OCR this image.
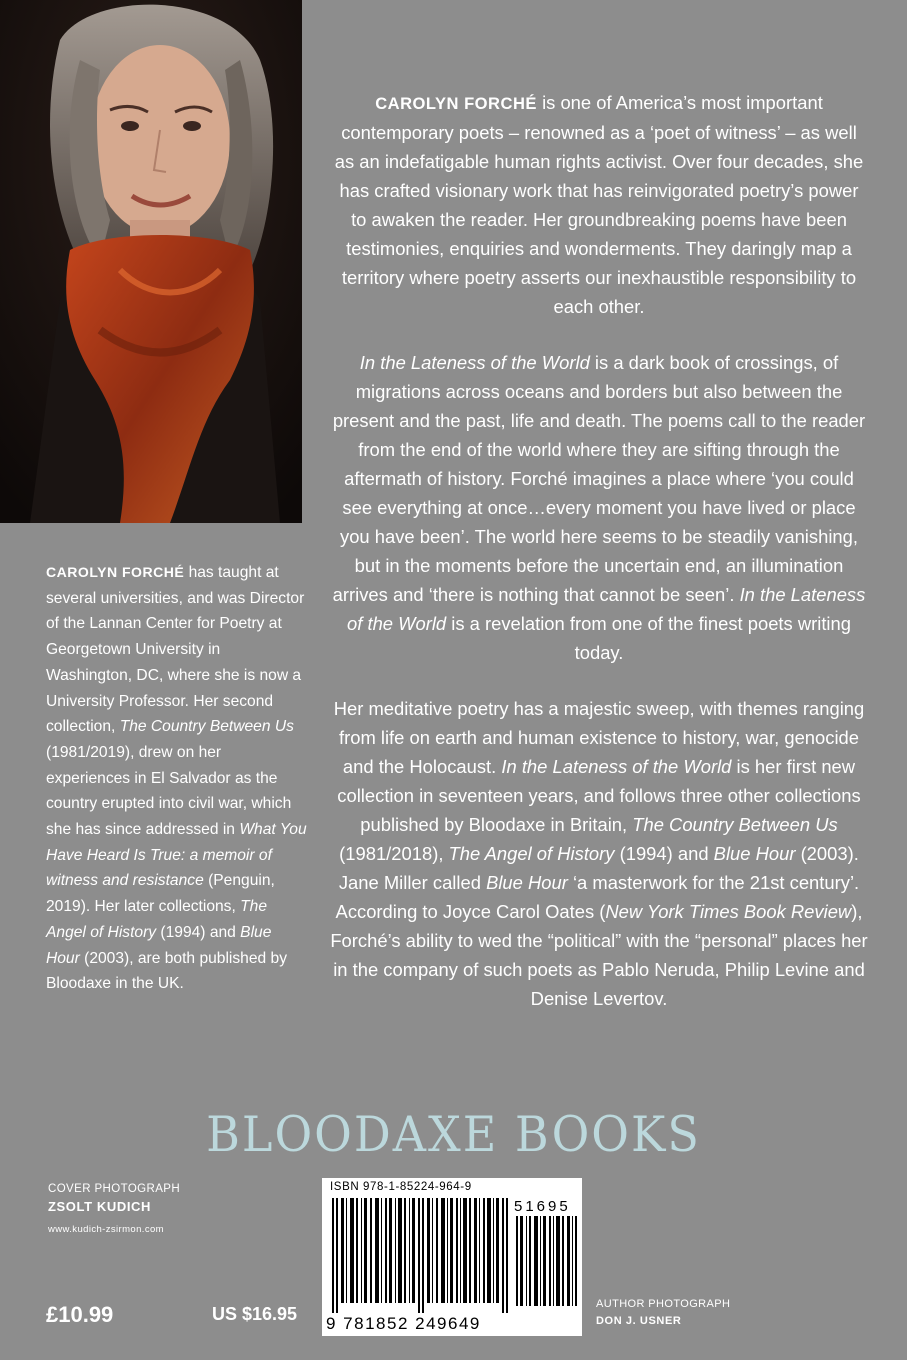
CAROLYN FORCHÉ has taught at several universities, and was Director of the Lannan Center for Poetry at Georgetown University in Washington, DC, where she is now a University Professor. Her second collection, The Country Between Us (1981/2019), drew on her experiences in El Salvador as the country erupted into civil war, which she has since addressed in What You Have Heard Is True: a memoir of witness and resistance (Penguin, 2019). Her later collections, The Angel of History (1994) and Blue Hour (2003), are both published by Bloodaxe in the UK.

CAROLYN FORCHÉ is one of America’s most important contemporary poets – renowned as a ‘poet of witness’ – as well as an indefatigable human rights activist. Over four decades, she has crafted visionary work that has reinvigorated poetry’s power to awaken the reader. Her groundbreaking poems have been testimonies, enquiries and wonderments. They daringly map a territory where poetry asserts our inexhaustible responsibility to each other.

In the Lateness of the World is a dark book of crossings, of migrations across oceans and borders but also between the present and the past, life and death. The poems call to the reader from the end of the world where they are sifting through the aftermath of history. Forché imagines a place where ‘you could see everything at once…every moment you have lived or place you have been’. The world here seems to be steadily vanishing, but in the moments before the uncertain end, an illumination arrives and ‘there is nothing that cannot be seen’. In the Lateness of the World is a revelation from one of the finest poets writing today.

Her meditative poetry has a majestic sweep, with themes ranging from life on earth and human existence to history, war, genocide and the Holocaust. In the Lateness of the World is her first new collection in seventeen years, and follows three other collections published by Bloodaxe in Britain, The Country Between Us (1981/2018), The Angel of History (1994) and Blue Hour (2003). Jane Miller called Blue Hour ‘a masterwork for the 21st century’. According to Joyce Carol Oates (New York Times Book Review), Forché’s ability to wed the “political” with the “personal” places her in the company of such poets as Pablo Neruda, Philip Levine and Denise Levertov.

BLOODAXE BOOKS
COVER PHOTOGRAPH
ZSOLT KUDICH
www.kudich-zsirmon.com
£10.99	US $16.95
ISBN 978-1-85224-964-9
51695
9 781852 249649
AUTHOR PHOTOGRAPH
DON J. USNER
